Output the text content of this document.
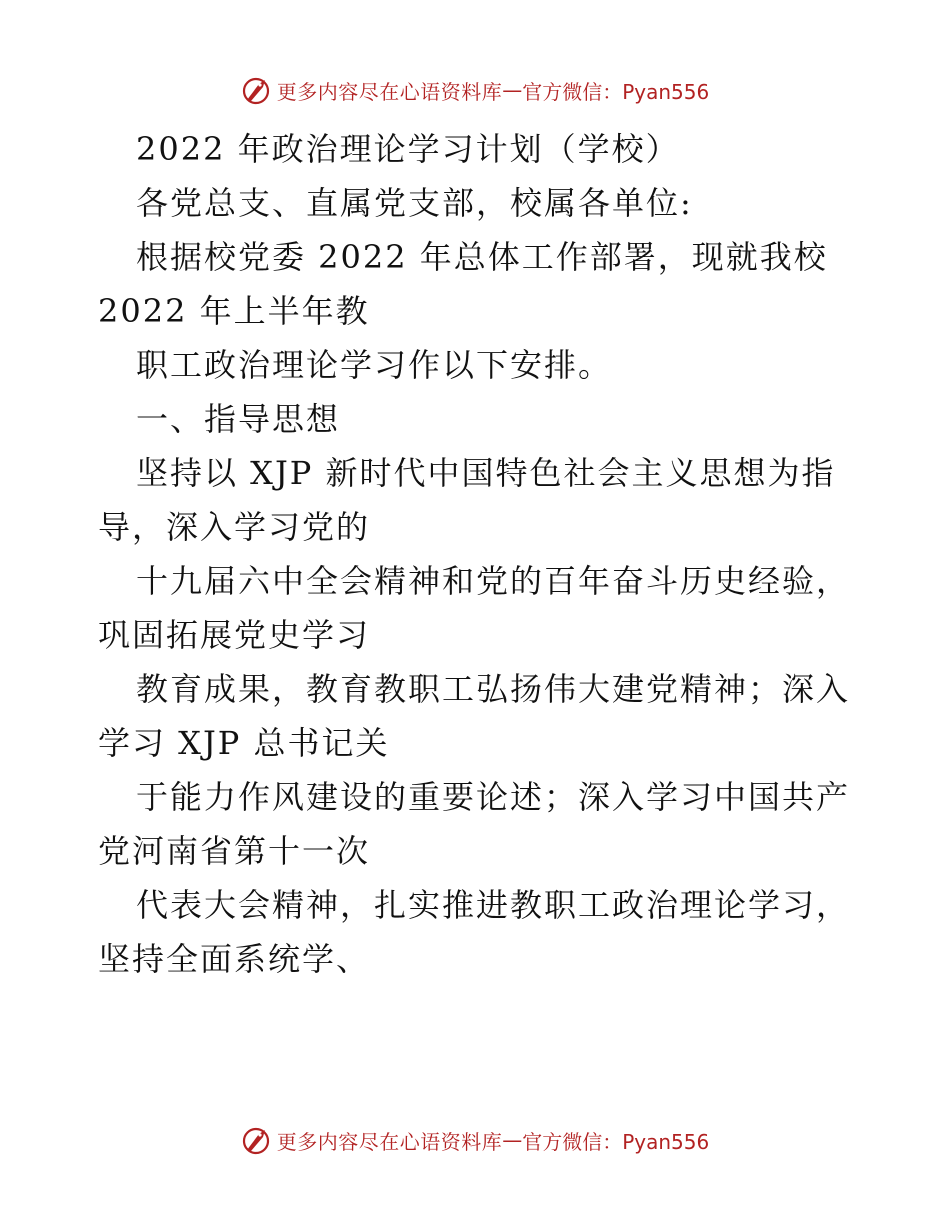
更多内容尽在心语资料库 — 官方微信：Pyan556
2022 年政治理论学习计划（学校）
各党总支、直属党支部，校属各单位:
根据校党委 2022 年总体工作部署，现就我校
2022 年上半年教
职工政治理论学习作以下安排。
一、指导思想
坚持以 XJP 新时代中国特色社会主义思想为指
导，深入学习党的
十九届六中全会精神和党的百年奋斗历史经验，
巩固拓展党史学习
教育成果，教育教职工弘扬伟大建党精神；深入
学习 XJP 总书记关
于能力作风建设的重要论述；深入学习中国共产
党河南省第十一次
代表大会精神，扎实推进教职工政治理论学习，
坚持全面系统学、
更多内容尽在心语资料库 — 官方微信：Pyan556
